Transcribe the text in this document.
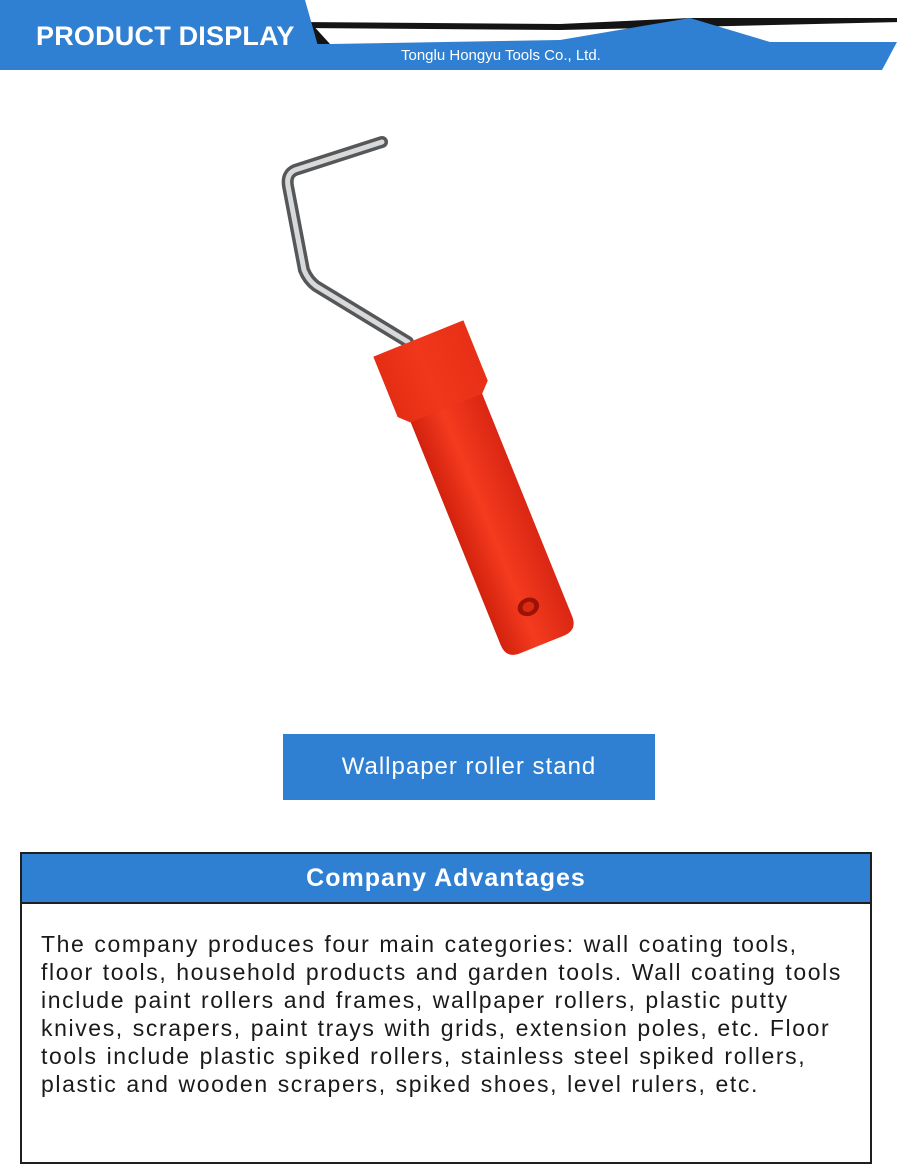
PRODUCT DISPLAY
Tonglu Hongyu Tools Co., Ltd.
Wallpaper roller stand
Company Advantages
The company produces four main categories: wall coating tools, floor tools, household products and garden tools. Wall coating tools include paint rollers and frames, wallpaper rollers, plastic putty knives, scrapers, paint trays with grids, extension poles, etc. Floor tools include plastic spiked rollers, stainless steel spiked rollers, plastic and wooden scrapers, spiked shoes, level rulers, etc.
